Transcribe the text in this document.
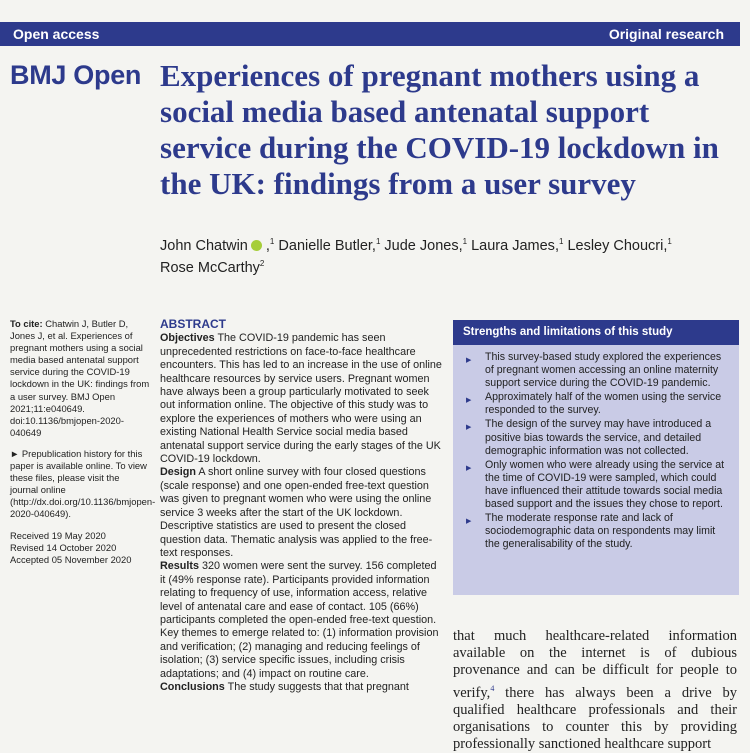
Open access	Original research
BMJ Open Experiences of pregnant mothers using a social media based antenatal support service during the COVID-19 lockdown in the UK: findings from a user survey
John Chatwin ,$^1$ Danielle Butler,$^1$ Jude Jones,$^1$ Laura James,$^1$ Lesley Choucri,$^1$
Rose McCarthy$^2$

To cite: Chatwin J, Butler D, Jones J, et al. Experiences of pregnant mothers using a social media based antenatal support service during the COVID-19 lockdown in the UK: findings from a user survey. BMJ Open 2021;11:e040649. doi:10.1136/bmjopen-2020-040649

► Prepublication history for this paper is available online. To view these files, please visit the journal online (http://dx.doi.org/10.1136/bmjopen-2020-040649).

Received 19 May 2020
Revised 14 October 2020
Accepted 05 November 2020
ABSTRACT

Objectives The COVID-19 pandemic has seen unprecedented restrictions on face-to-face healthcare encounters. This has led to an increase in the use of online healthcare resources by service users. Pregnant women have always been a group particularly motivated to seek out information online. The objective of this study was to explore the experiences of mothers who were using an existing National Health Service social media based antenatal support service during the early stages of the UK COVID-19 lockdown.

Design A short online survey with four closed questions (scale response) and one open-ended free-text question was given to pregnant women who were using the online service 3 weeks after the start of the UK lockdown. Descriptive statistics are used to present the closed question data. Thematic analysis was applied to the free-text responses.

Results 320 women were sent the survey. 156 completed it (49% response rate). Participants provided information relating to frequency of use, information access, relative level of antenatal care and ease of contact. 105 (66%) participants completed the open-ended free-text question. Key themes to emerge related to: (1) information provision and verification; (2) managing and reducing feelings of isolation; (3) service specific issues, including crisis adaptations; and (4) impact on routine care.

Conclusions The study suggests that that pregnant

Strengths and limitations of this study
▶ This survey-based study explored the experiences of pregnant women accessing an online maternity support service during the COVID-19 pandemic.
▶ Approximately half of the women using the service responded to the survey.
▶ The design of the survey may have introduced a positive bias towards the service, and detailed demographic information was not collected.
▶ Only women who were already using the service at the time of COVID-19 were sampled, which could have influenced their attitude towards social media based support and the issues they chose to report.
▶ The moderate response rate and lack of sociodemographic data on respondents may limit the generalisability of the study.
that much healthcare-related information available on the internet is of dubious provenance and can be difficult for people to verify,$^4$ there has always been a drive by qualified healthcare professionals and their organisations to counter this by providing professionally sanctioned healthcare support
